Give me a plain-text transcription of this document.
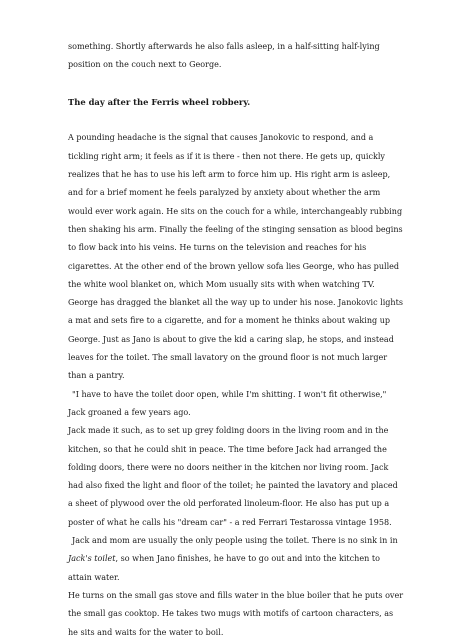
something. Shortly afterwards he also falls asleep, in a half-sitting half-lying
position on the couch next to George.
The day after the Ferris wheel robbery.
A pounding headache is the signal that causes Janokovic to respond, and a
tickling right arm; it feels as if it is there - then not there. He gets up, quickly
realizes that he has to use his left arm to force him up. His right arm is asleep,
and for a brief moment he feels paralyzed by anxiety about whether the arm
would ever work again. He sits on the couch for a while, interchangeably rubbing
then shaking his arm. Finally the feeling of the stinging sensation as blood begins
to flow back into his veins. He turns on the television and reaches for his
cigarettes. At the other end of the brown yellow sofa lies George, who has pulled
the white wool blanket on, which Mom usually sits with when watching TV.
George has dragged the blanket all the way up to under his nose. Janokovic lights
a mat and sets fire to a cigarette, and for a moment he thinks about waking up
George. Just as Jano is about to give the kid a caring slap, he stops, and instead
leaves for the toilet. The small lavatory on the ground floor is not much larger
than a pantry.
"I have to have the toilet door open, while I'm shitting. I won't fit otherwise,"
Jack groaned a few years ago.
Jack made it such, as to set up grey folding doors in the living room and in the
kitchen, so that he could shit in peace. The time before Jack had arranged the
folding doors, there were no doors neither in the kitchen nor living room. Jack
had also fixed the light and floor of the toilet; he painted the lavatory and placed
a sheet of plywood over the old perforated linoleum-floor. He also has put up a
poster of what he calls his "dream car" - a red Ferrari Testarossa vintage 1958.
Jack and mom are usually the only people using the toilet. There is no sink in in
Jack's toilet, so when Jano finishes, he have to go out and into the kitchen to
attain water.
He turns on the small gas stove and fills water in the blue boiler that he puts over
the small gas cooktop. He takes two mugs with motifs of cartoon characters, as
he sits and waits for the water to boil.
